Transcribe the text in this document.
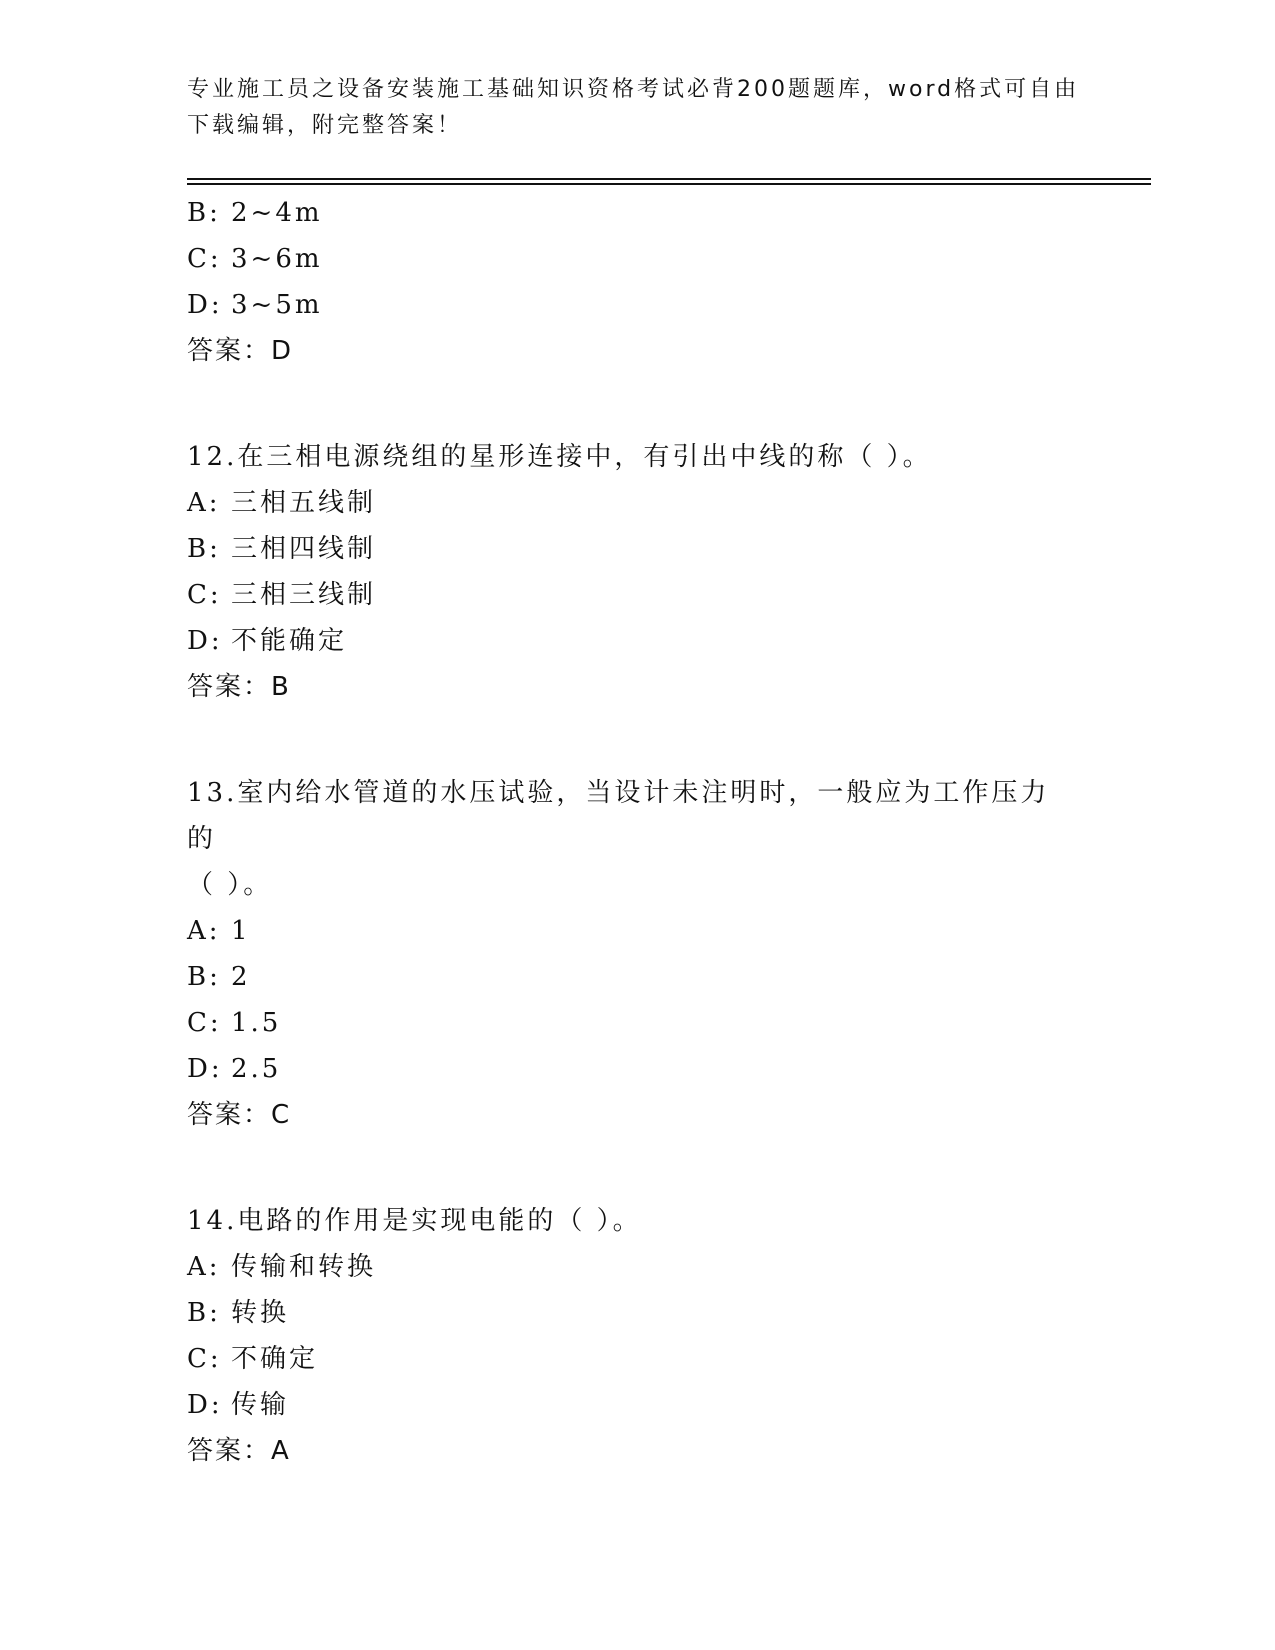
专业施工员之设备安装施工基础知识资格考试必背200题题库，word格式可自由
下载编辑，附完整答案！
B: 2~4m
C: 3~6m
D: 3~5m
答案：D
12.在三相电源绕组的星形连接中，有引出中线的称（ ）。
A: 三相五线制
B: 三相四线制
C: 三相三线制
D: 不能确定
答案：B
13.室内给水管道的水压试验，当设计未注明时，一般应为工作压力的
（ ）。
A: 1
B: 2
C: 1.5
D: 2.5
答案：C
14.电路的作用是实现电能的（ ）。
A: 传输和转换
B: 转换
C: 不确定
D: 传输
答案：A
